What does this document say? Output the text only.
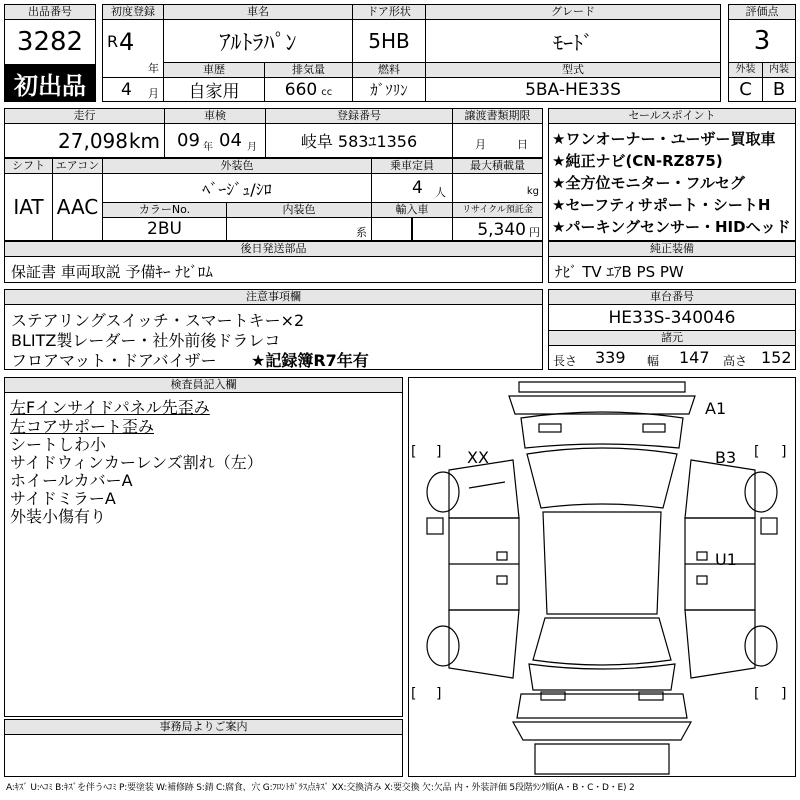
出品番号
3282
初出品
初度登録
R 4
年
4 月
車名
ｱﾙﾄﾗﾊﾟﾝ
ドア形状
5HB
グレード
ﾓｰﾄﾞ
評価点
3
外装	内装
C	B
車歴
自家用
排気量
660 cc
燃料
ｶﾞｿﾘﾝ
型式
5BA-HE33S
走行
27,098 km
車検
09 年 04 月
登録番号
岐阜 583ﾕ1356
譲渡書類期限
月	日
セールスポイント
★ワンオーナー・ユーザー買取車
★純正ナビ(CN-RZ875)
★全方位モニター・フルセグ
★セーフティサポート・シートH
★パーキングセンサー・HIDヘッド
シフト
IAT
エアコン
AAC
外装色
ﾍﾞｰｼﾞｭ/ｼﾛ
乗車定員
4 人
最大積載量
kg
カラーNo.
2BU
内装色
系
輸入車	リサイクル預託金
5,340 円
後日発送部品
保証書 車両取説 予備ｷｰ ﾅﾋﾞﾛﾑ
純正装備
ﾅﾋﾞ TV ｴｱB PS PW
注意事項欄
ステアリングスイッチ・スマートキー×2
BLITZ製レーダー・社外前後ドラレコ
フロアマット・ドアバイザー ★記録簿R7年有
車台番号
HE33S-340046
諸元
長さ 339 幅 147 高さ 152
検査員記入欄
左Fインサイドパネル先歪み
左コアサポート歪み
シートしわ小
サイドウィンカーレンズ割れ（左）
ホイールカバーA
サイドミラーA
外装小傷有り
事務局よりご案内
[ ]	[ ]
[ ]	[ ]
A1
XX	B3
U1
A:ｷｽﾞ U:ﾍｺﾐ B:ｷｽﾞを伴うﾍｺﾐ P:要塗装 W:補修跡 S:錆 C:腐食、穴 G:ﾌﾛﾝﾄｶﾞﾗｽ点ｷｽﾞ XX:交換済み X:要交換 欠:欠品 内・外装評価 5段階ﾗﾝｸ順(A・B・C・D・E) 2
